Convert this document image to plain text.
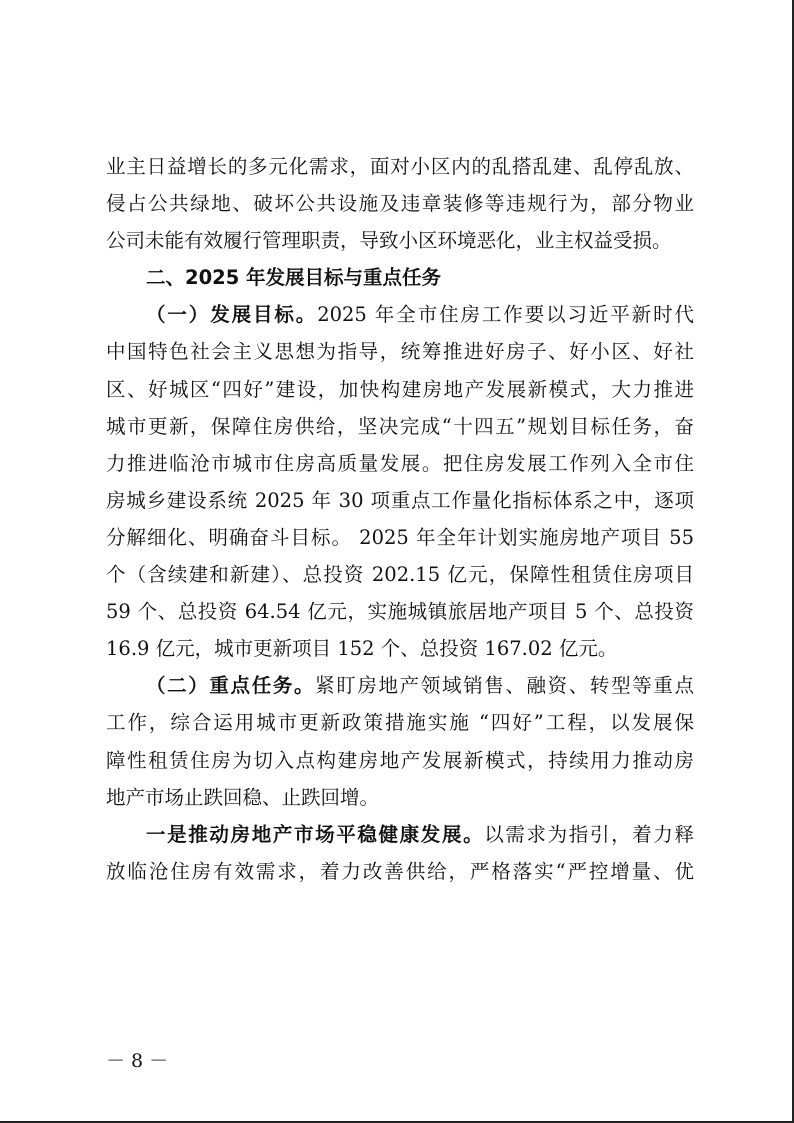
业主日益增长的多元化需求，面对小区内的乱搭乱建、乱停乱放、
侵占公共绿地、破坏公共设施及违章装修等违规行为，部分物业
公司未能有效履行管理职责，导致小区环境恶化，业主权益受损。
二、2025 年发展目标与重点任务
（一）发展目标。2025 年全市住房工作要以习近平新时代
中国特色社会主义思想为指导，统筹推进好房子、好小区、好社
区、好城区“四好”建设，加快构建房地产发展新模式，大力推进
城市更新，保障住房供给，坚决完成“十四五”规划目标任务，奋
力推进临沧市城市住房高质量发展。把住房发展工作列入全市住
房城乡建设系统 2025 年 30 项重点工作量化指标体系之中，逐项
分解细化、明确奋斗目标。 2025 年全年计划实施房地产项目 55
个（含续建和新建）、总投资 202.15 亿元，保障性租赁住房项目
59 个、总投资 64.54 亿元，实施城镇旅居地产项目 5 个、总投资
16.9 亿元，城市更新项目 152 个、总投资 167.02 亿元。
（二）重点任务。紧盯房地产领域销售、融资、转型等重点
工作，综合运用城市更新政策措施实施 “四好”工程，以发展保
障性租赁住房为切入点构建房地产发展新模式，持续用力推动房
地产市场止跌回稳、止跌回增。
一是推动房地产市场平稳健康发展。以需求为指引，着力释
放临沧住房有效需求，着力改善供给，严格落实“严控增量、优
－ 8 －
